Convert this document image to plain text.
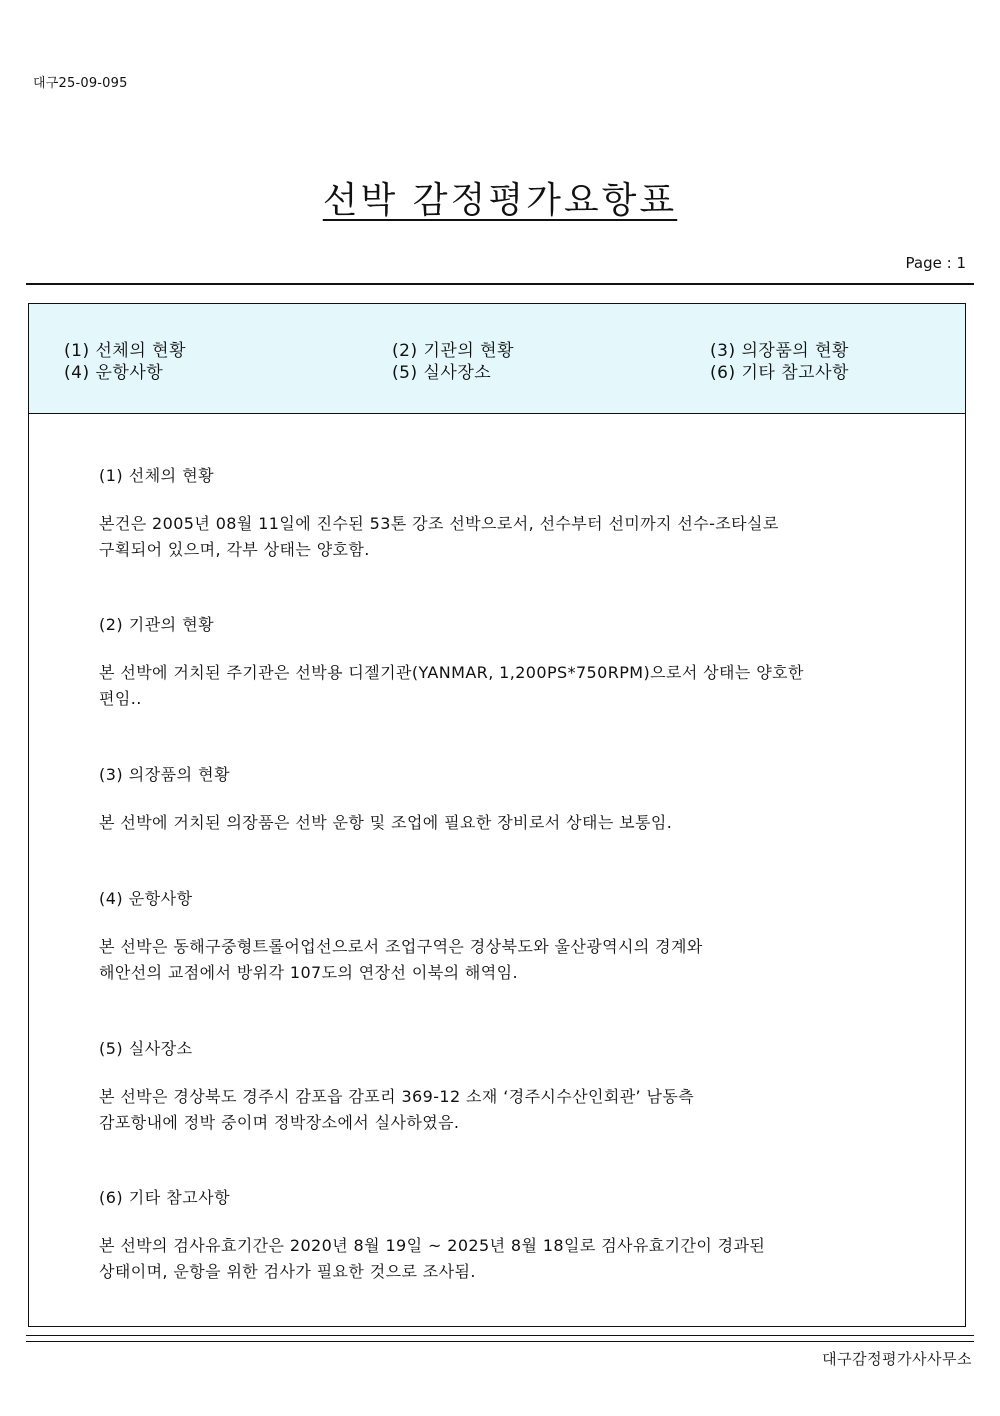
대구25-09-095
선박 감정평가요항표
Page : 1
(1) 선체의 현황	(2) 기관의 현황	(3) 의장품의 현황
(4) 운항사항	(5) 실사장소	(6) 기타 참고사항
(1) 선체의 현황

본건은 2005년 08월 11일에 진수된 53톤 강조 선박으로서, 선수부터 선미까지 선수-조타실로
구획되어 있으며, 각부 상태는 양호함.

(2) 기관의 현황

본 선박에 거치된 주기관은 선박용 디젤기관(YANMAR, 1,200PS*750RPM)으로서 상태는 양호한
편임..

(3) 의장품의 현황

본 선박에 거치된 의장품은 선박 운항 및 조업에 필요한 장비로서 상태는 보통임.

(4) 운항사항

본 선박은 동해구중형트롤어업선으로서 조업구역은 경상북도와 울산광역시의 경계와
해안선의 교점에서 방위각 107도의 연장선 이북의 해역임.

(5) 실사장소

본 선박은 경상북도 경주시 감포읍 감포리 369-12 소재 ‘경주시수산인회관’ 남동측
감포항내에 정박 중이며 정박장소에서 실사하였음.

(6) 기타 참고사항

본 선박의 검사유효기간은 2020년 8월 19일 ~ 2025년 8월 18일로 검사유효기간이 경과된
상태이며, 운항을 위한 검사가 필요한 것으로 조사됨.

대구감정평가사사무소
